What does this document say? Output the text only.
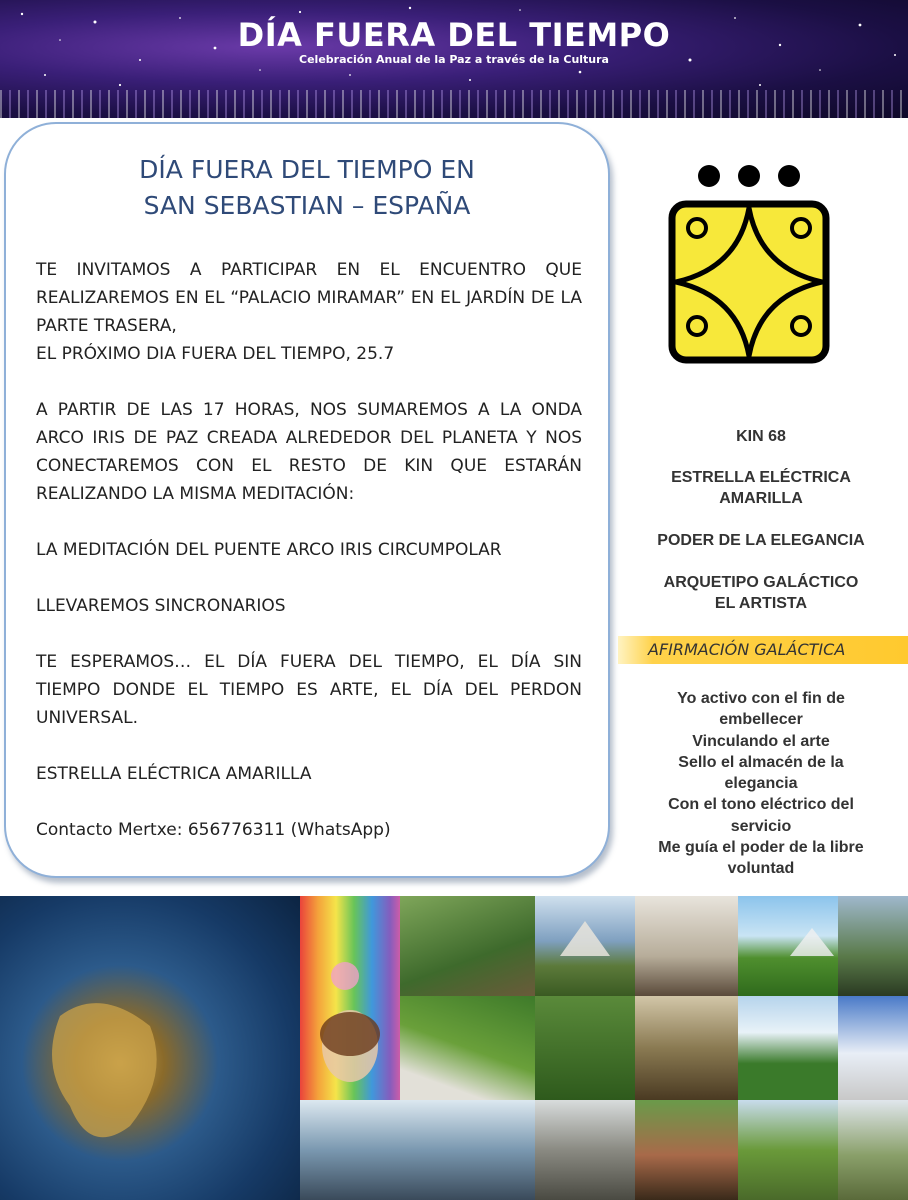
DÍA FUERA DEL TIEMPO
Celebración Anual de la Paz a través de la Cultura
DÍA FUERA DEL TIEMPO EN
SAN SEBASTIAN – ESPAÑA
TE INVITAMOS A PARTICIPAR EN EL ENCUENTRO QUE REALIZAREMOS EN EL “PALACIO MIRAMAR” EN EL JARDÍN DE LA PARTE TRASERA,
EL PRÓXIMO DIA FUERA DEL TIEMPO, 25.7
A PARTIR DE LAS 17 HORAS, NOS SUMAREMOS A LA ONDA ARCO IRIS DE PAZ CREADA ALREDEDOR DEL PLANETA Y NOS CONECTAREMOS CON EL RESTO DE KIN QUE ESTARÁN REALIZANDO LA MISMA MEDITACIÓN:
LA MEDITACIÓN DEL PUENTE ARCO IRIS CIRCUMPOLAR
LLEVAREMOS SINCRONARIOS
TE ESPERAMOS… EL DÍA FUERA DEL TIEMPO, EL DÍA SIN TIEMPO DONDE EL TIEMPO ES ARTE, EL DÍA DEL PERDON UNIVERSAL.
ESTRELLA ELÉCTRICA AMARILLA
Contacto Mertxe: 656776311 (WhatsApp)
KIN 68
ESTRELLA ELÉCTRICA
AMARILLA
PODER DE LA ELEGANCIA
ARQUETIPO GALÁCTICO
EL ARTISTA
AFIRMACIÓN GALÁCTICA
Yo activo con el fin de
embellecer
Vinculando el arte
Sello el almacén de la
elegancia
Con el tono eléctrico del
servicio
Me guía el poder de la libre
voluntad
